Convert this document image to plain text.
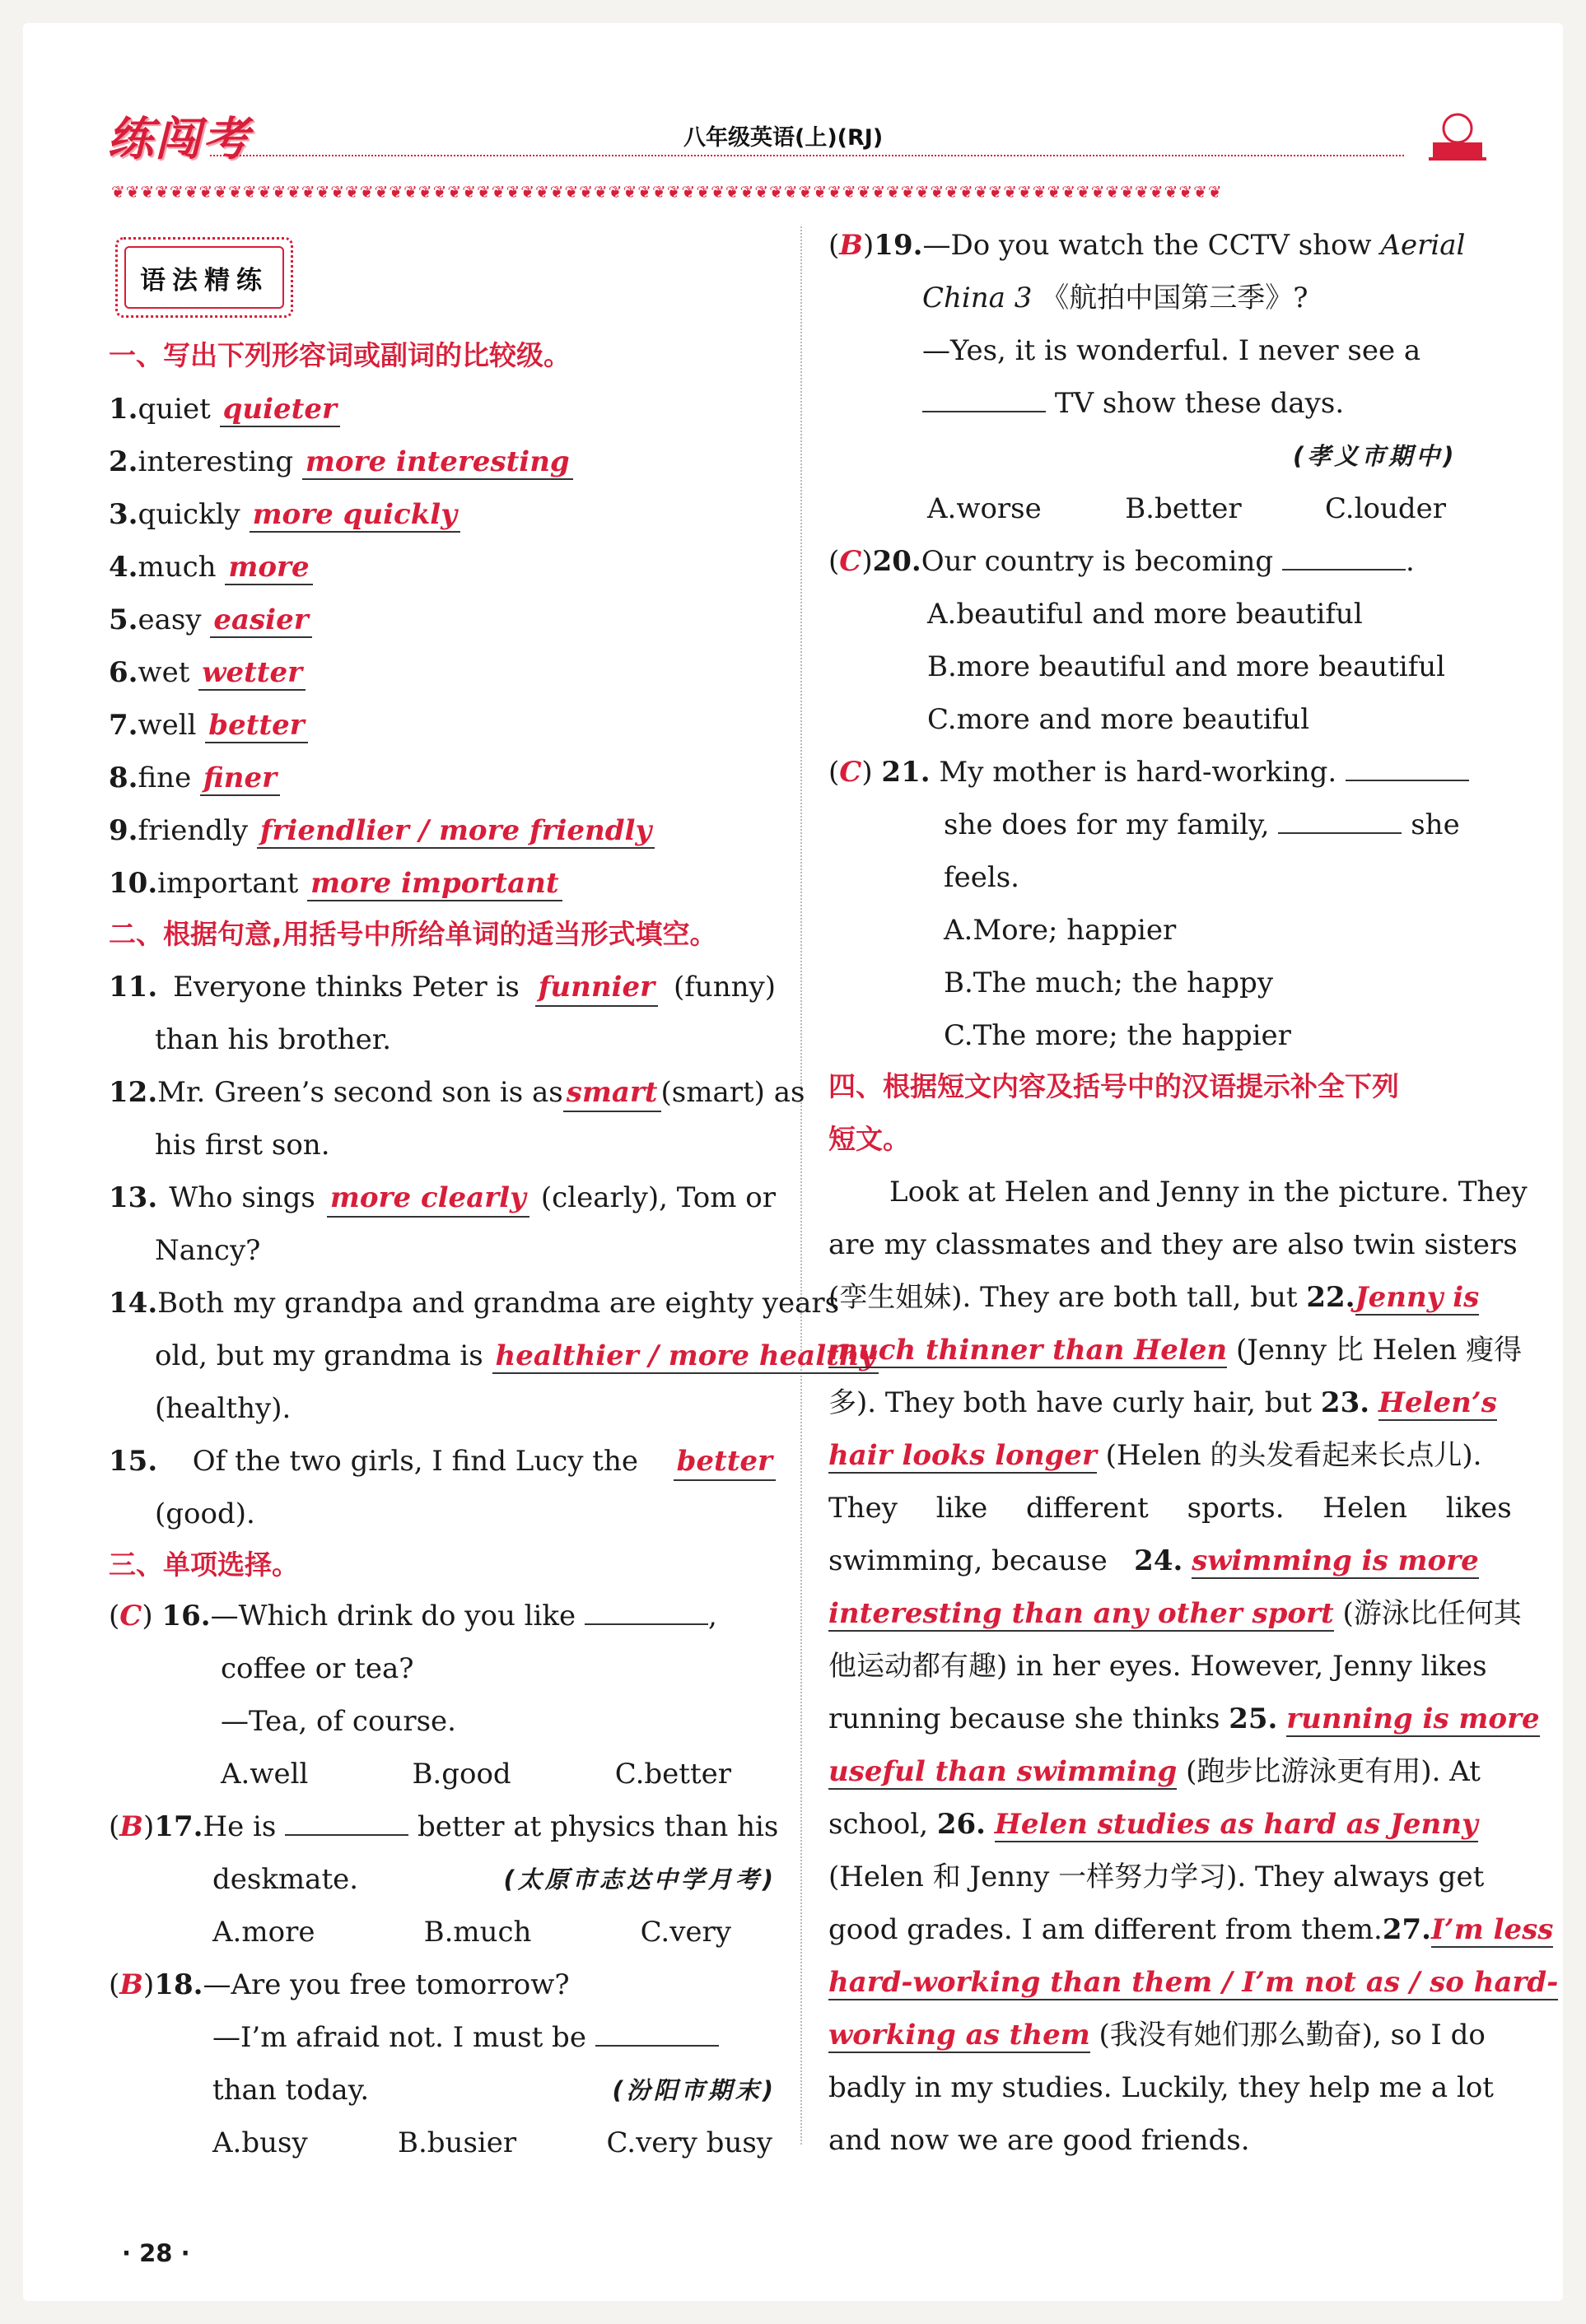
练闯考	八年级英语(上)(RJ)
❦❦❦❦❦❦❦❦❦❦❦❦❦❦❦❦❦❦❦❦❦❦❦❦❦❦❦❦❦❦❦❦❦❦❦❦❦❦❦❦❦❦❦❦❦❦❦❦❦❦❦❦❦❦❦❦❦❦❦❦❦❦❦❦❦❦❦❦❦❦❦❦❦❦❦❦
语法精练
一、写出下列形容词或副词的比较级。
1.quiet quieter
2.interesting more interesting
3.quickly more quickly
4.much more
5.easy easier
6.wet wetter
7.well better
8.fine finer
9.friendly friendlier / more friendly
10.important more important
二、根据句意,用括号中所给单词的适当形式填空。
11. Everyone thinks Peter is funnier (funny)
than his brother.
12. Mr. Green’s second son is as smart (smart) as
his first son.
13. Who sings more clearly (clearly), Tom or
Nancy?
14.Both my grandpa and grandma are eighty years
old, but my grandma is healthier / more healthy
(healthy).
15. Of the two girls, I find Lucy the better
(good).
三、单项选择。
(C) 16.—Which drink do you like	,
coffee or tea?
—Tea, of course.
A.well	B.good	C.better
(B)17.He is	better at physics than his
deskmate.	(太原市志达中学月考)
A.more	B.much	C.very
(B)18.—Are you free tomorrow?
—I’m afraid not. I must be
than today.	(汾阳市期末)
A.busy	B.busier	C.very busy
(B)19.—Do you watch the CCTV show Aerial
China 3 《航拍中国第三季》?
—Yes, it is wonderful. I never see a
TV show these days.
(孝义市期中)
A.worse	B.better	C.louder
(C)20.Our country is becoming	.
A.beautiful and more beautiful
B.more beautiful and more beautiful
C.more and more beautiful
(C) 21. My mother is hard-working.
she does for my family,	she
feels.
A.More; happier
B.The much; the happy
C.The more; the happier
四、根据短文内容及括号中的汉语提示补全下列
短文。
Look at Helen and Jenny in the picture. They
are my classmates and they are also twin sisters
(孪生姐妹). They are both tall, but 22.Jenny is
much thinner than Helen (Jenny 比 Helen 瘦得
多). They both have curly hair, but 23. Helen’s
hair looks longer (Helen 的头发看起来长点儿).
They like different sports. Helen likes
swimming, because 24. swimming is more
interesting than any other sport (游泳比任何其
他运动都有趣) in her eyes. However, Jenny likes
running because she thinks 25. running is more
useful than swimming (跑步比游泳更有用). At
school, 26. Helen studies as hard as Jenny
(Helen 和 Jenny 一样努力学习). They always get
good grades. I am different from them.27.I’m less
hard-working than them / I’m not as / so hard-
working as them (我没有她们那么勤奋), so I do
badly in my studies. Luckily, they help me a lot
and now we are good friends.
· 28 ·
